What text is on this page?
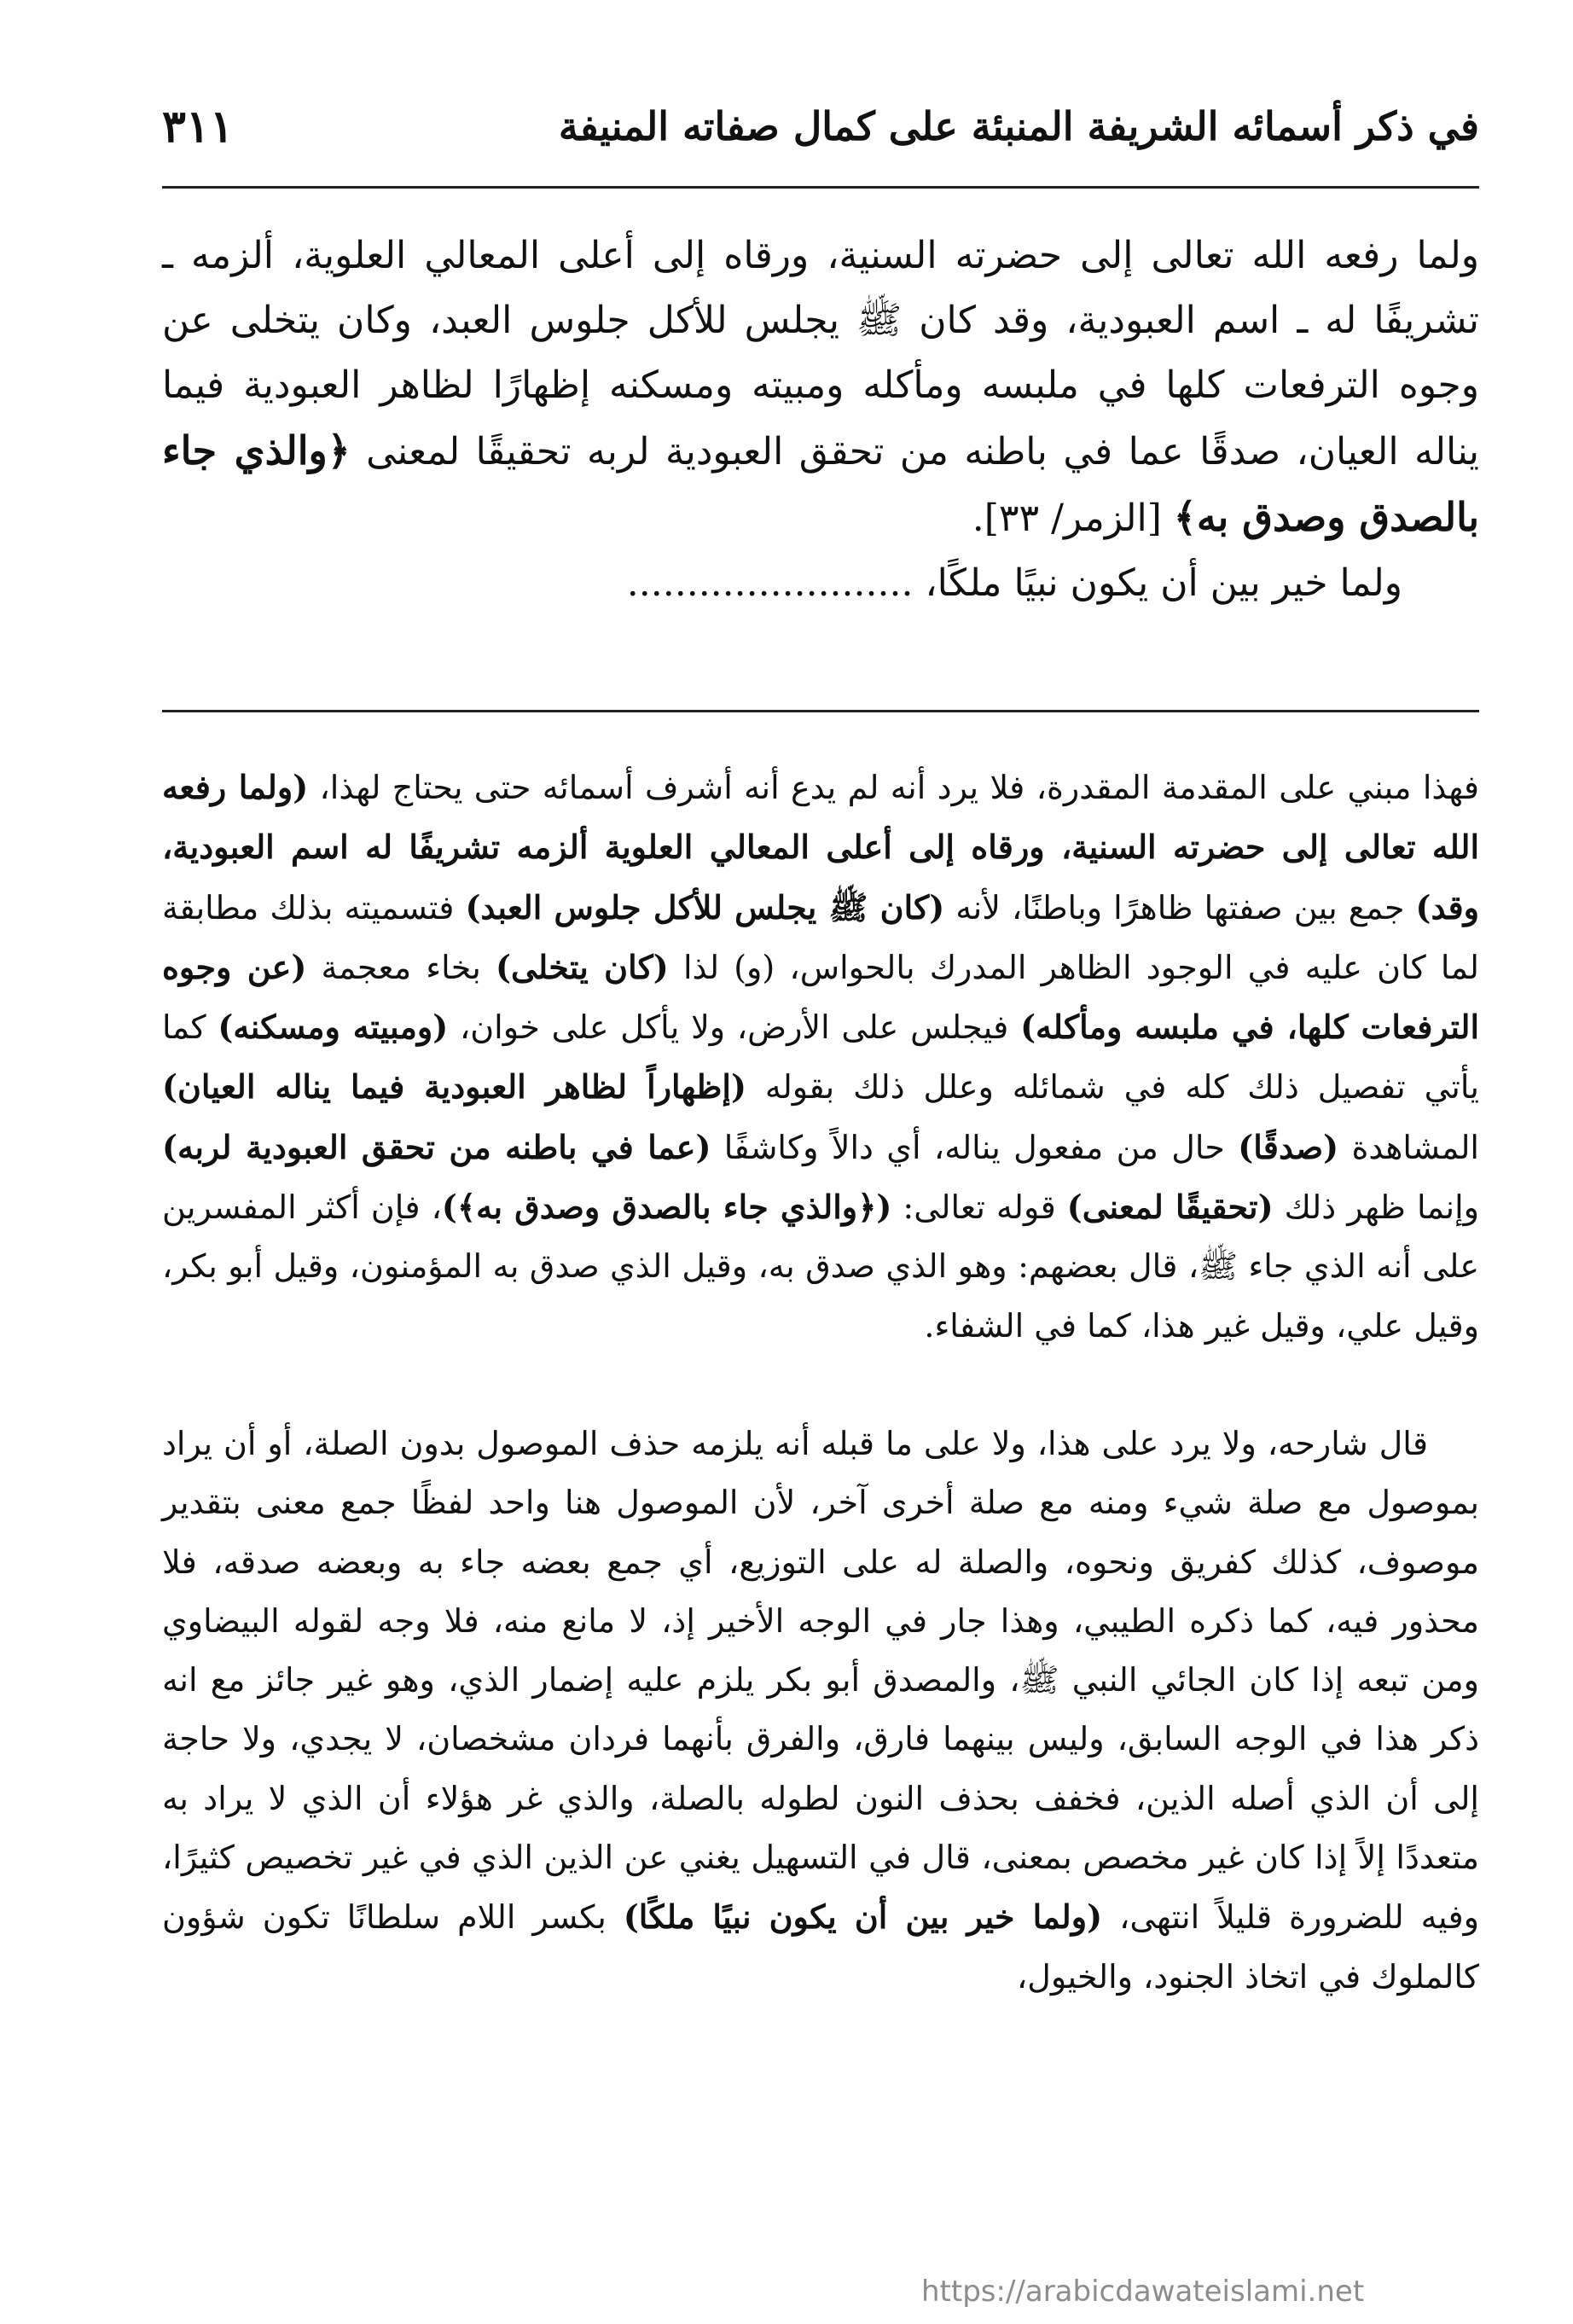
في ذكر أسمائه الشريفة المنبئة على كمال صفاته المنيفة
٣١١

ولما رفعه الله تعالى إلى حضرته السنية، ورقاه إلى أعلى المعالي العلوية، ألزمه ـ تشريفًا له ـ اسم العبودية، وقد كان ﷺ يجلس للأكل جلوس العبد، وكان يتخلى عن وجوه الترفعات كلها في ملبسه ومأكله ومبيته ومسكنه إظهارًا لظاهر العبودية فيما يناله العيان، صدقًا عما في باطنه من تحقق العبودية لربه تحقيقًا لمعنى ﴿والذي جاء بالصدق وصدق به﴾ [الزمر/ ٣٣].

ولما خير بين أن يكون نبيًا ملكًا، ........................

فهذا مبني على المقدمة المقدرة، فلا يرد أنه لم يدع أنه أشرف أسمائه حتى يحتاج لهذا، (ولما رفعه الله تعالى إلى حضرته السنية، ورقاه إلى أعلى المعالي العلوية ألزمه تشريفًا له اسم العبودية، وقد) جمع بين صفتها ظاهرًا وباطنًا، لأنه (كان ﷺ يجلس للأكل جلوس العبد) فتسميته بذلك مطابقة لما كان عليه في الوجود الظاهر المدرك بالحواس، (و) لذا (كان يتخلى) بخاء معجمة (عن وجوه الترفعات كلها، في ملبسه ومأكله) فيجلس على الأرض، ولا يأكل على خوان، (ومبيته ومسكنه) كما يأتي تفصيل ذلك كله في شمائله وعلل ذلك بقوله (إظهاراً لظاهر العبودية فيما يناله العيان) المشاهدة (صدقًا) حال من مفعول يناله، أي دالاً وكاشفًا (عما في باطنه من تحقق العبودية لربه) وإنما ظهر ذلك (تحقيقًا لمعنى) قوله تعالى: (﴿والذي جاء بالصدق وصدق به﴾)، فإن أكثر المفسرين على أنه الذي جاء ﷺ، قال بعضهم: وهو الذي صدق به، وقيل الذي صدق به المؤمنون، وقيل أبو بكر، وقيل علي، وقيل غير هذا، كما في الشفاء.

قال شارحه، ولا يرد على هذا، ولا على ما قبله أنه يلزمه حذف الموصول بدون الصلة، أو أن يراد بموصول مع صلة شيء ومنه مع صلة أخرى آخر، لأن الموصول هنا واحد لفظًا جمع معنى بتقدير موصوف، كذلك كفريق ونحوه، والصلة له على التوزيع، أي جمع بعضه جاء به وبعضه صدقه، فلا محذور فيه، كما ذكره الطيبي، وهذا جار في الوجه الأخير إذ، لا مانع منه، فلا وجه لقوله البيضاوي ومن تبعه إذا كان الجائي النبي ﷺ، والمصدق أبو بكر يلزم عليه إضمار الذي، وهو غير جائز مع انه ذكر هذا في الوجه السابق، وليس بينهما فارق، والفرق بأنهما فردان مشخصان، لا يجدي، ولا حاجة إلى أن الذي أصله الذين، فخفف بحذف النون لطوله بالصلة، والذي غر هؤلاء أن الذي لا يراد به متعددًا إلاً إذا كان غير مخصص بمعنى، قال في التسهيل يغني عن الذين الذي في غير تخصيص كثيرًا، وفيه للضرورة قليلاً انتهى، (ولما خير بين أن يكون نبيًا ملكًا) بكسر اللام سلطانًا تكون شؤون كالملوك في اتخاذ الجنود، والخيول،

https://arabicdawateislami.net
